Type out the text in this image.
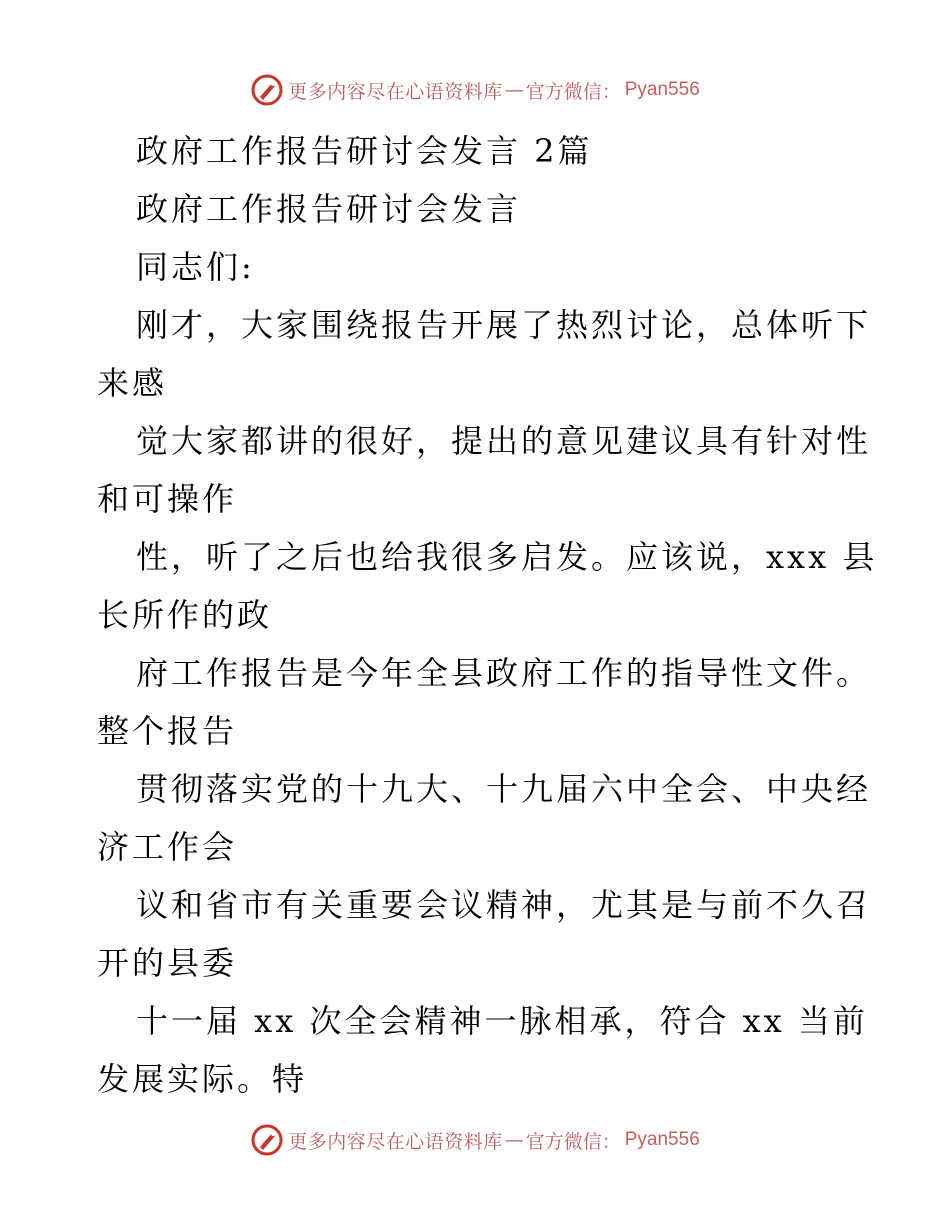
更多内容尽在心语资料库 — 官方微信： Pyan556
政府工作报告研讨会发言 2篇
政府工作报告研讨会发言
同志们:
刚才，大家围绕报告开展了热烈讨论，总体听下
来感
觉大家都讲的很好，提出的意见建议具有针对性
和可操作
性，听了之后也给我很多启发。应该说，xxx 县
长所作的政
府工作报告是今年全县政府工作的指导性文件。
整个报告
贯彻落实党的十九大、十九届六中全会、中央经
济工作会
议和省市有关重要会议精神，尤其是与前不久召
开的县委
十一届 xx 次全会精神一脉相承，符合 xx 当前
发展实际。特
更多内容尽在心语资料库 — 官方微信： Pyan556
